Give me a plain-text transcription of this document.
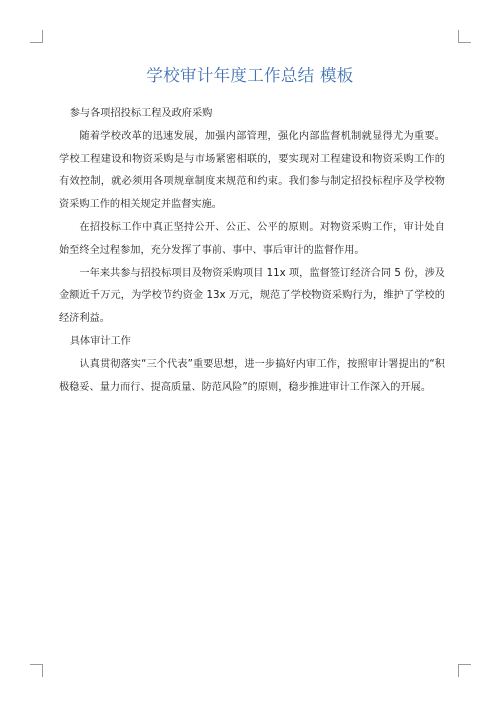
学校审计年度工作总结 模板

参与各项招投标工程及政府采购

随着学校改革的迅速发展，加强内部管理，强化内部监督机制就显得尤为重要。学校工程建设和物资采购是与市场紧密相联的，要实现对工程建设和物资采购工作的有效控制，就必须用各项规章制度来规范和约束。我们参与制定招投标程序及学校物资采购工作的相关规定并监督实施。

在招投标工作中真正坚持公开、公正、公平的原则。对物资采购工作，审计处自始至终全过程参加，充分发挥了事前、事中、事后审计的监督作用。

一年来共参与招投标项目及物资采购项目 11x 项，监督签订经济合同 5 份，涉及金额近千万元，为学校节约资金 13x 万元，规范了学校物资采购行为，维护了学校的经济利益。

具体审计工作

认真贯彻落实“三个代表”重要思想，进一步搞好内审工作，按照审计署提出的“积极稳妥、量力而行、提高质量、防范风险”的原则，稳步推进审计工作深入的开展。
